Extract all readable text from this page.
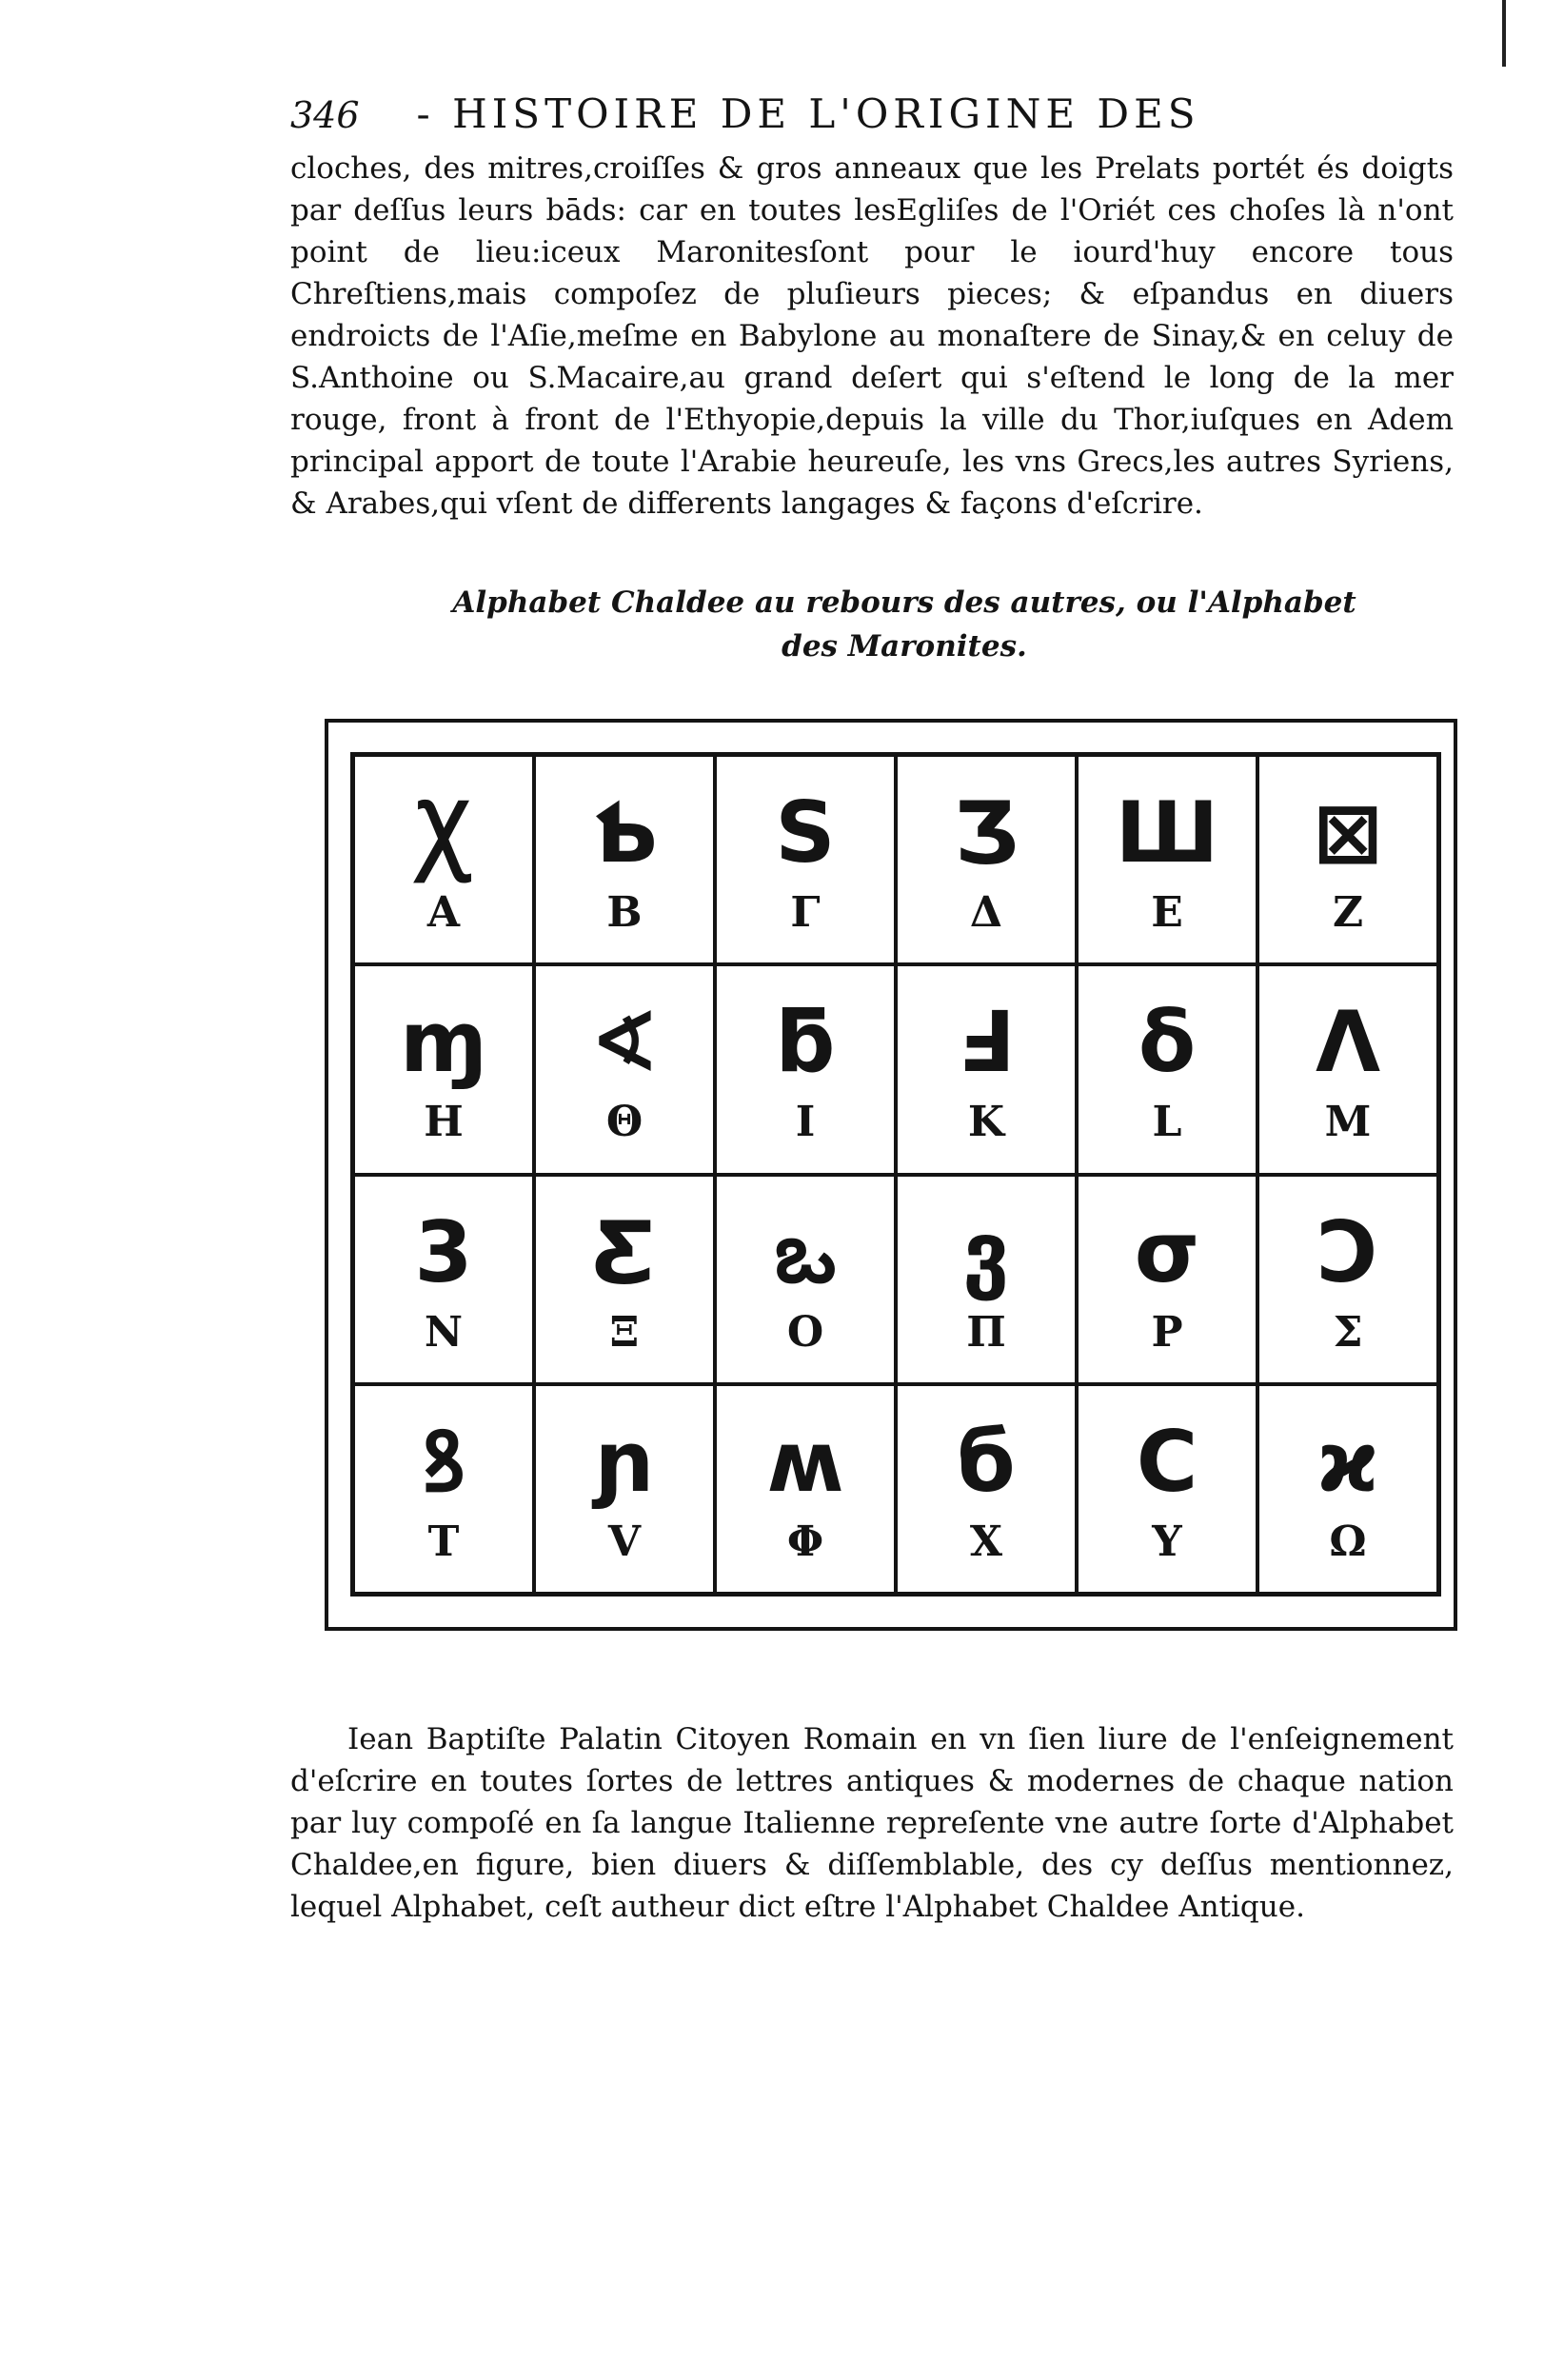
346 - HISTOIRE DE L'ORIGINE DES

cloches, des mitres,croiſſes & gros anneaux que les Prelats portét és doigts par deſſus leurs bāds: car en toutes lesEgliſes de l'Oriét ces choſes là n'ont point de lieu:iceux Maronitesſont pour le iourd'huy encore tous Chreſtiens,mais compoſez de pluſieurs pieces; & eſpandus en diuers endroicts de l'Aſie,meſme en Babylone au monaſtere de Sinay,& en celuy de S.Anthoine ou S.Macaire,au grand deſert qui s'eſtend le long de la mer rouge, front à front de l'Ethyopie,depuis la ville du Thor,iuſques en Adem principal apport de toute l'Arabie heureuſe, les vns Grecs,les autres Syriens, & Arabes,qui vſent de differents langages & façons d'eſcrire.

Alphabet Chaldee au rebours des autres, ou l'Alphabet
des Maronites.
Ꭓ
A
Ƅ
B
S
Γ
Ʒ
Δ
Ш
E
⊠
Z
ɱ
H
∢
Θ
ƃ
I
Ⅎ
K
δ
L
Λ
M
3
N
Ƹ
Ξ
ఒ
O
ვ
Π
σ
P
Ͻ
Σ
ꝸ
T
ɲ
V
ʍ
Φ
б
X
C
Υ
ϰ
Ω

Iean Baptiſte Palatin Citoyen Romain en vn ſien liure de l'enſeignement d'eſcrire en toutes ſortes de lettres antiques & modernes de chaque nation par luy compoſé en ſa langue Italienne repreſente vne autre ſorte d'Alphabet Chaldee,en figure, bien diuers & diſſemblable, des cy deſſus mentionnez, lequel Alphabet, ceſt autheur dict eſtre l'Alphabet Chaldee Antique.
